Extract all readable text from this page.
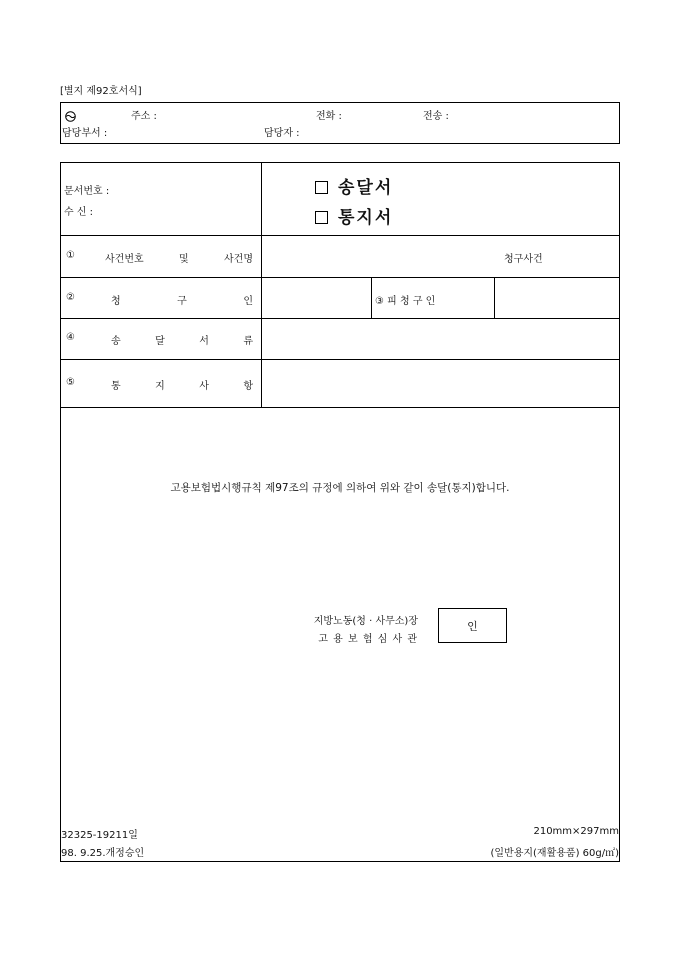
[별지 제92호서식]
주소 :	전화 :	전송 :
담당부서 :	담당자 :
문서번호 :
수 신 :
송달서
통지서
①	사건번호	및	사건명	청구사건
②	청	구	인	③ 피 청 구 인
④	송	달	서	류
⑤	통	지	사	항
고용보험법시행규칙 제97조의 규정에 의하여 위와 같이 송달(통지)합니다.
지방노동(청 · 사무소)장
고 용 보 험 심 사 관
32325-19211일
98. 9.25.개정승인
210mm×297mm
(일반용지(재활용품) 60g/㎡)
인
